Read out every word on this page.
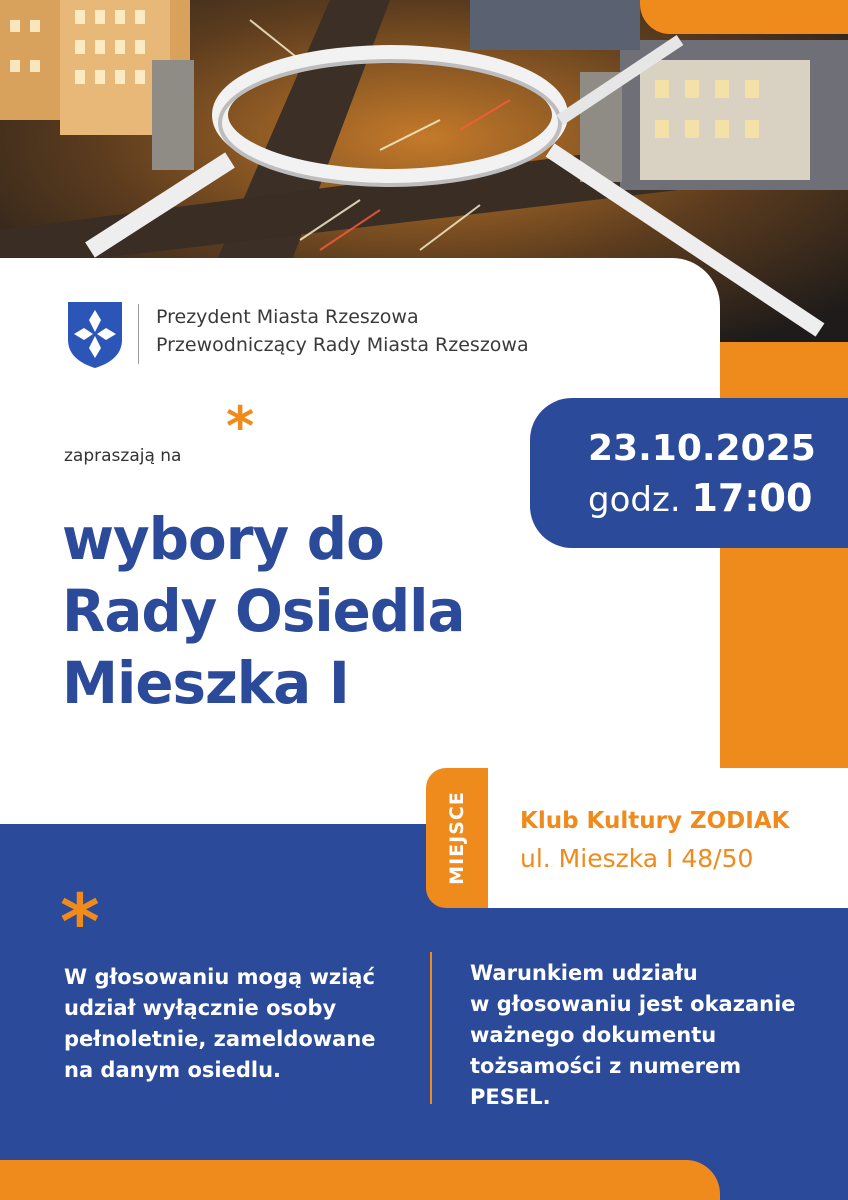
Prezydent Miasta Rzeszowa
Przewodniczący Rady Miasta Rzeszowa
zapraszają na *
wybory do
Rady Osiedla
Mieszka I
23.10.2025
godz. 17:00
MIEJSCE Klub Kultury ZODIAK
ul. Mieszka I 48/50
*
W głosowaniu mogą wziąć
udział wyłącznie osoby
pełnoletnie, zameldowane
na danym osiedlu.
Warunkiem udziału
w głosowaniu jest okazanie
ważnego dokumentu
tożsamości z numerem
PESEL.
